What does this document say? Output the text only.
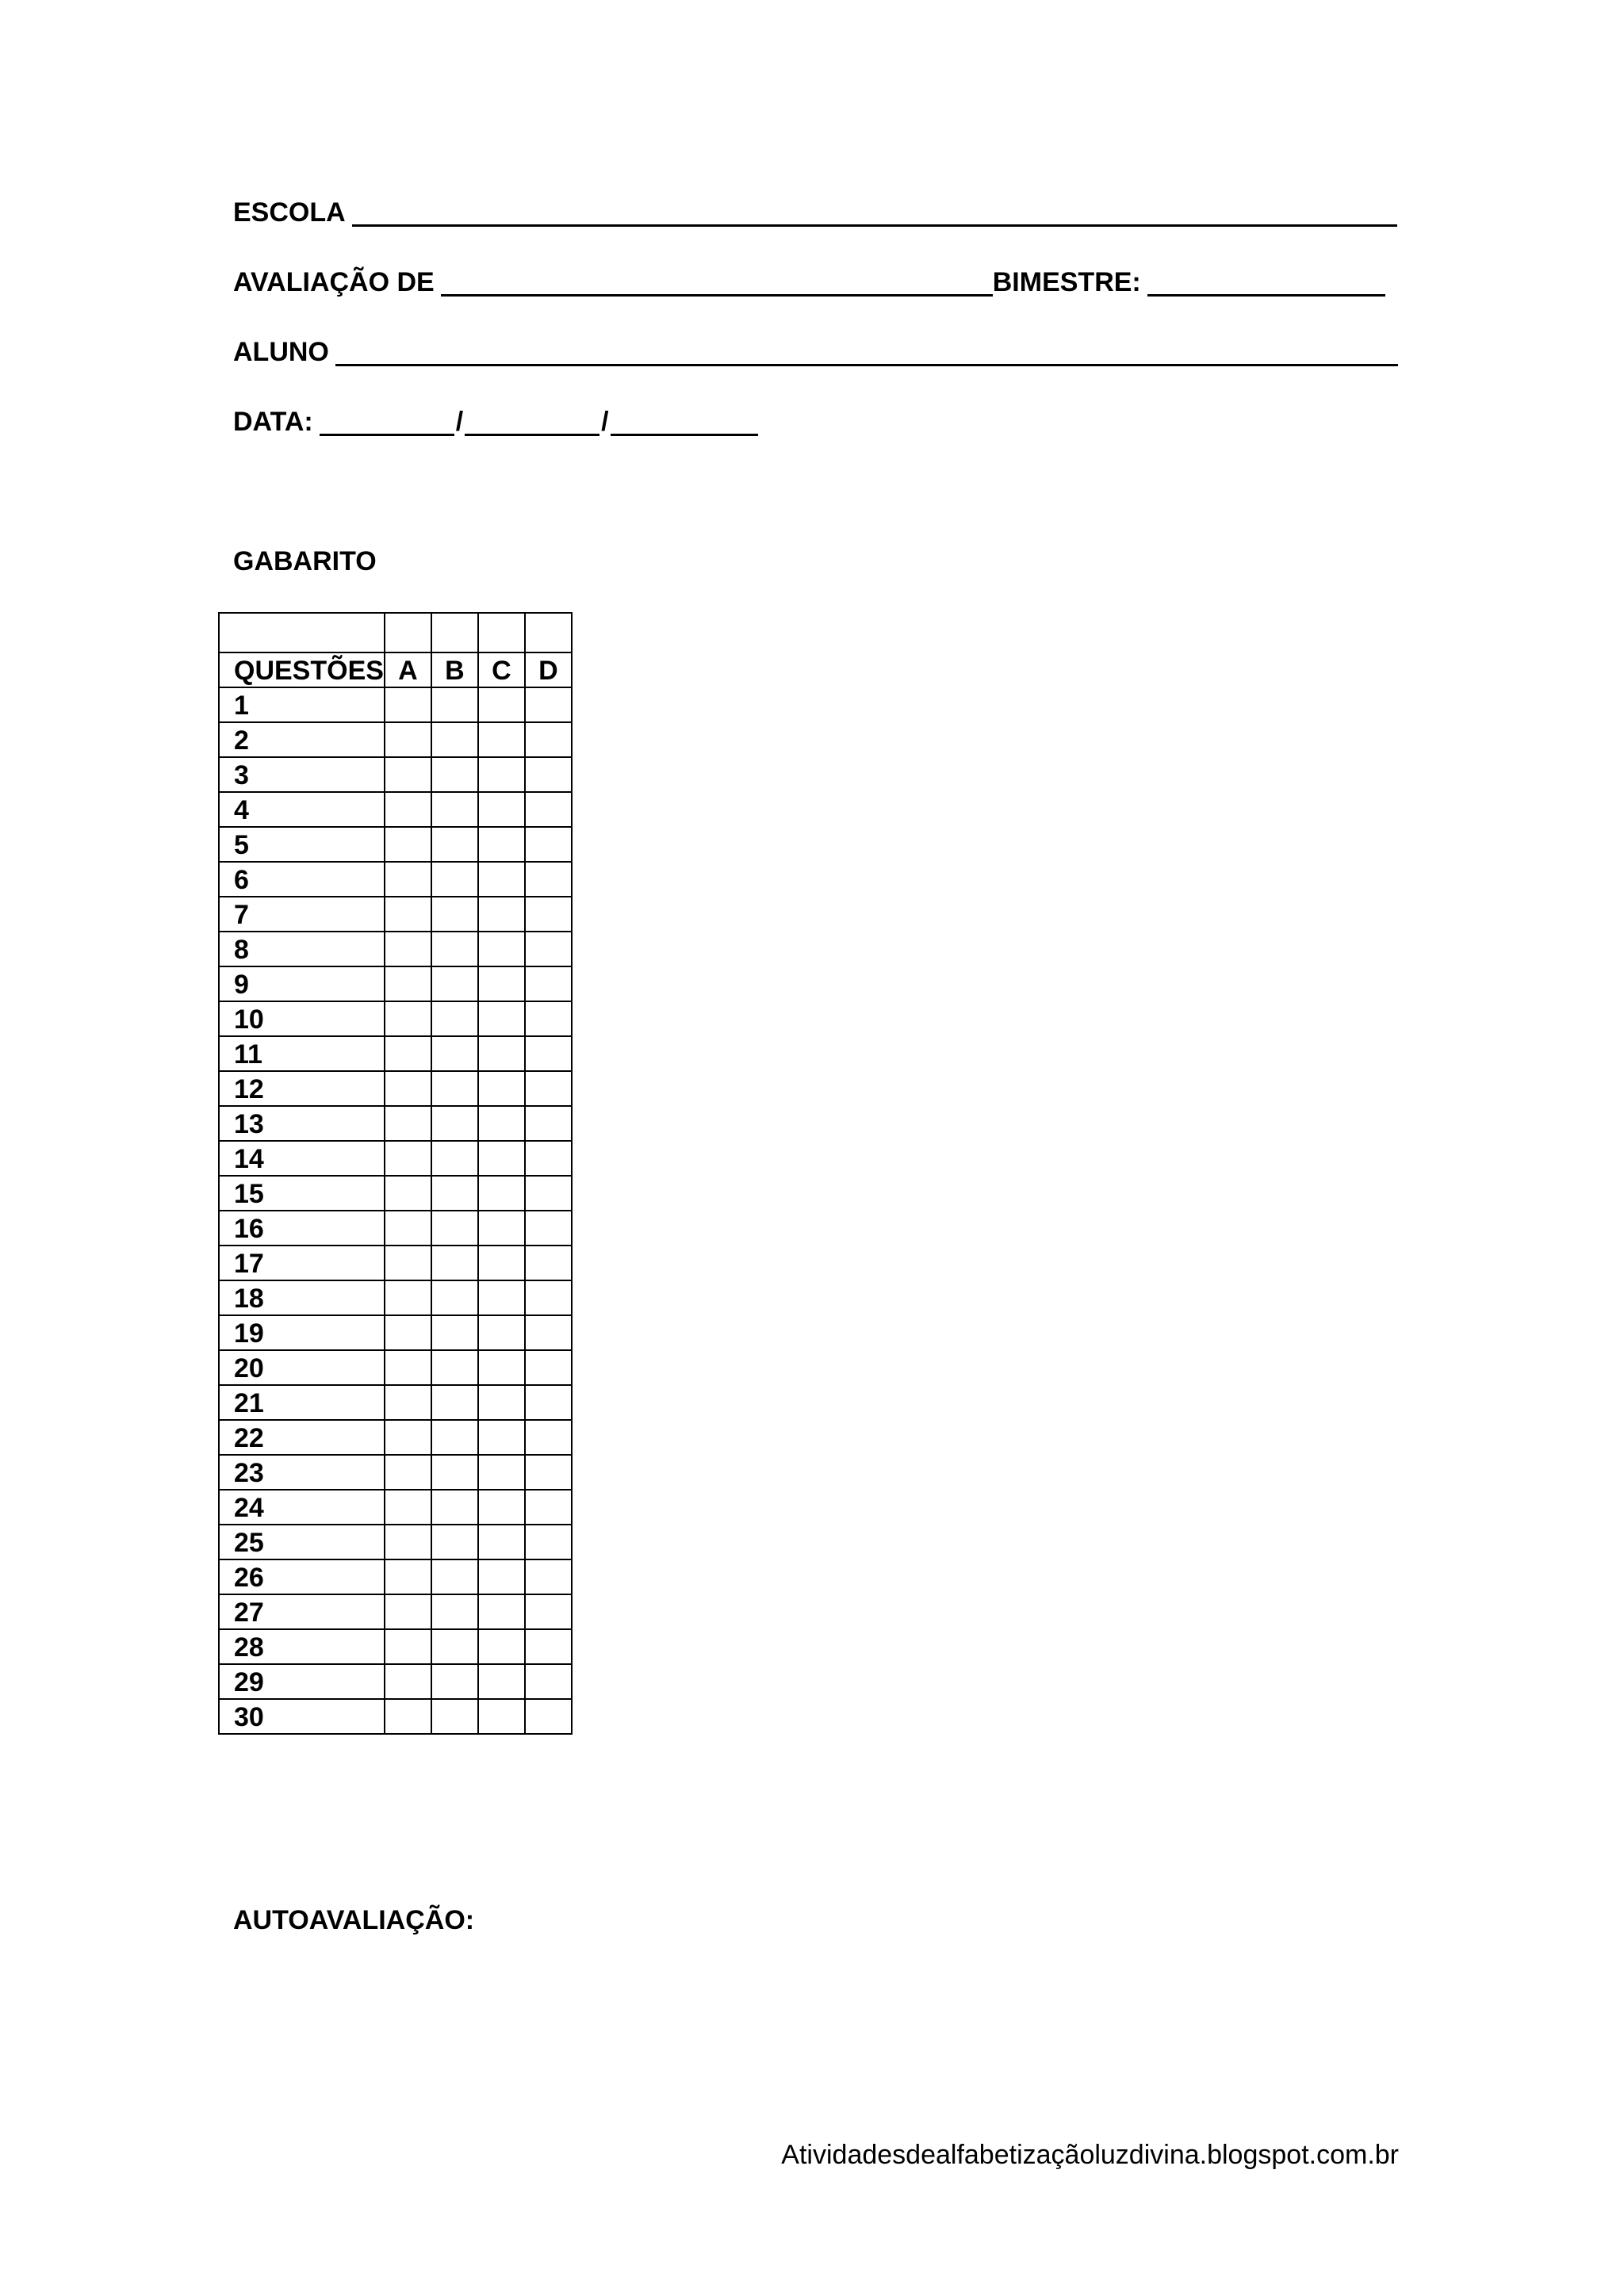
ESCOLA
AVALIAÇÃO DE	BIMESTRE:
ALUNO
DATA:	/	/
GABARITO

QUESTÕES	A	B	C	D
1				
2				
3				
4				
5				
6				
7				
8				
9				
10				
11				
12				
13				
14				
15				
16				
17				
18				
19				
20				
21				
22				
23				
24				
25				
26				
27				
28				
29				
30				
AUTOAVALIAÇÃO:
Atividadesdealfabetizaçãoluzdivina.blogspot.com.br
